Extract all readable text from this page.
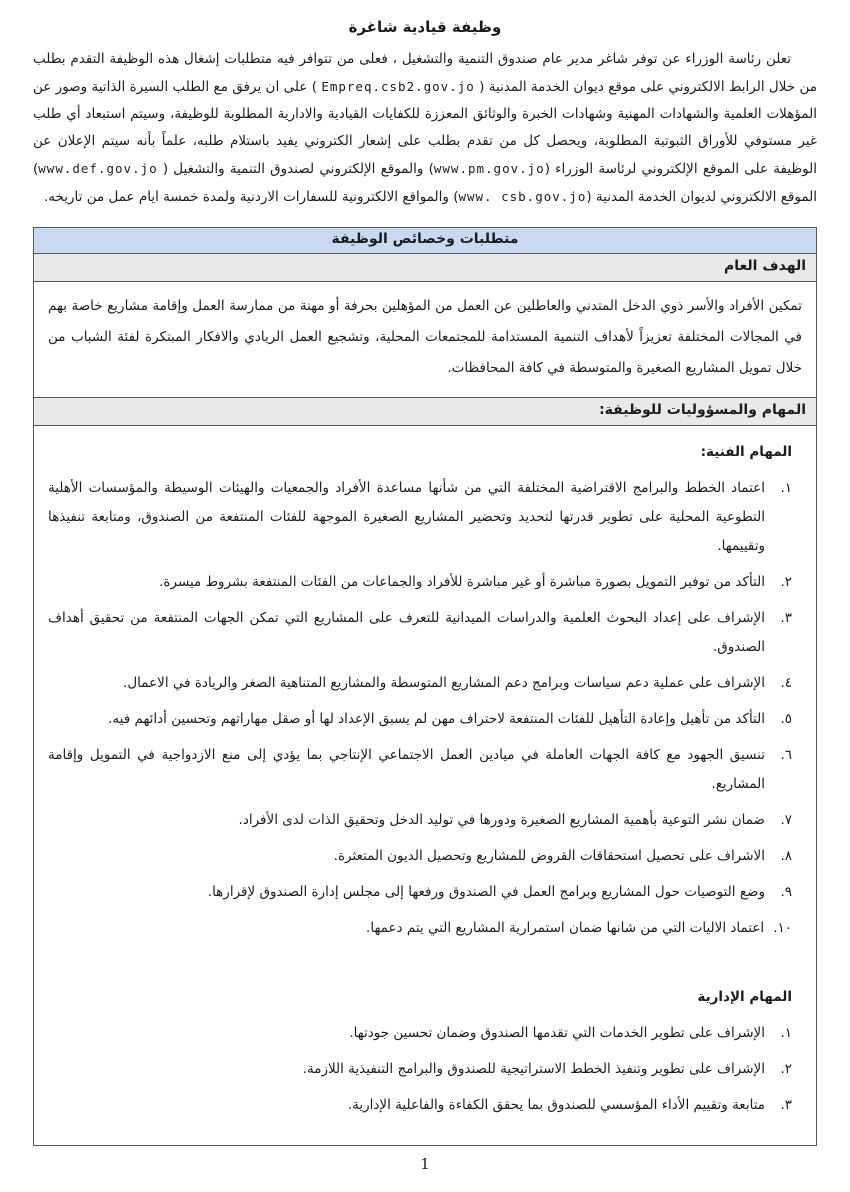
وظيفة قيادية شاغرة

تعلن رئاسة الوزراء عن توفر شاغر مدير عام صندوق التنمية والتشغيل ، فعلى من تتوافر فيه متطلبات إشغال هذه الوظيفة التقدم بطلب من خلال الرابط الالكتروني على موقع ديوان الخدمة المدنية ( Empreq.csb2.gov.jo ) على ان يرفق مع الطلب السيرة الذاتية وصور عن المؤهلات العلمية والشهادات المهنية وشهادات الخبرة والوثائق المعززة للكفايات القيادية والادارية المطلوبة للوظيفة، وسيتم استبعاد أي طلب غير مستوفي للأوراق الثبوتية المطلوبة، ويحصل كل من تقدم بطلب على إشعار الكتروني يفيد باستلام طلبه، علماً بأنه سيتم الإعلان عن الوظيفة على الموقع الإلكتروني لرئاسة الوزراء (www.pm.gov.jo) والموقع الإلكتروني لصندوق التنمية والتشغيل ( www.def.gov.jo) الموقع الالكتروني لديوان الخدمة المدنية (www. csb.gov.jo) والمواقع الالكترونية للسفارات الاردنية ولمدة خمسة ايام عمل من تاريخه.

متطلبات وخصائص الوظيفة
الهدف العام
تمكين الأفراد والأسر ذوي الدخل المتدني والعاطلين عن العمل من المؤهلين بحرفة أو مهنة من ممارسة العمل وإقامة مشاريع خاصة بهم في المجالات المختلفة تعزيزاً لأهداف التنمية المستدامة للمجتمعات المحلية، وتشجيع العمل الريادي والافكار المبتكرة لفئة الشباب من خلال تمويل المشاريع الصغيرة والمتوسطة في كافة المحافظات.
المهام والمسؤوليات للوظيفة:
المهام الفنية:
١.
اعتماد الخطط والبرامج الاقتراضية المختلفة التي من شأنها مساعدة الأفراد والجمعيات والهيئات الوسيطة والمؤسسات الأهلية التطوعية المحلية على تطوير قدرتها لتحديد وتحضير المشاريع الصغيرة الموجهة للفئات المنتفعة من الصندوق، ومتابعة تنفيذها وتقييمها.
٢.
التأكد من توفير التمويل بصورة مباشرة أو غير مباشرة للأفراد والجماعات من الفئات المنتفعة بشروط ميسرة.
٣.
الإشراف على إعداد البحوث العلمية والدراسات الميدانية للتعرف على المشاريع التي تمكن الجهات المنتفعة من تحقيق أهداف الصندوق.
٤.
الإشراف على عملية دعم سياسات وبرامج دعم المشاريع المتوسطة والمشاريع المتناهية الصغر والريادة في الاعمال.
٥.
التأكد من تأهيل وإعادة التأهيل للفئات المنتفعة لاحتراف مهن لم يسبق الإعداد لها أو صقل مهاراتهم وتحسين أدائهم فيه.
٦.
تنسيق الجهود مع كافة الجهات العاملة في ميادين العمل الاجتماعي الإنتاجي بما يؤدي إلى منع الازدواجية في التمويل وإقامة المشاريع.
٧.
ضمان نشر التوعية بأهمية المشاريع الصغيرة ودورها في توليد الدخل وتحقيق الذات لدى الأفراد.
٨.
الاشراف على تحصيل استحقاقات القروض للمشاريع وتحصيل الديون المتعثرة.
٩.
وضع التوصيات حول المشاريع وبرامج العمل في الصندوق ورفعها إلى مجلس إدارة الصندوق لإقرارها.
١٠.
اعتماد الاليات التي من شانها ضمان استمرارية المشاريع التي يتم دعمها.
المهام الإدارية
١.
الإشراف على تطوير الخدمات التي تقدمها الصندوق وضمان تحسين جودتها.
٢.
الإشراف على تطوير وتنفيذ الخطط الاستراتيجية للصندوق والبرامج التنفيذية اللازمة.
٣.
متابعة وتقييم الأداء المؤسسي للصندوق بما يحقق الكفاءة والفاعلية الإدارية.
1
